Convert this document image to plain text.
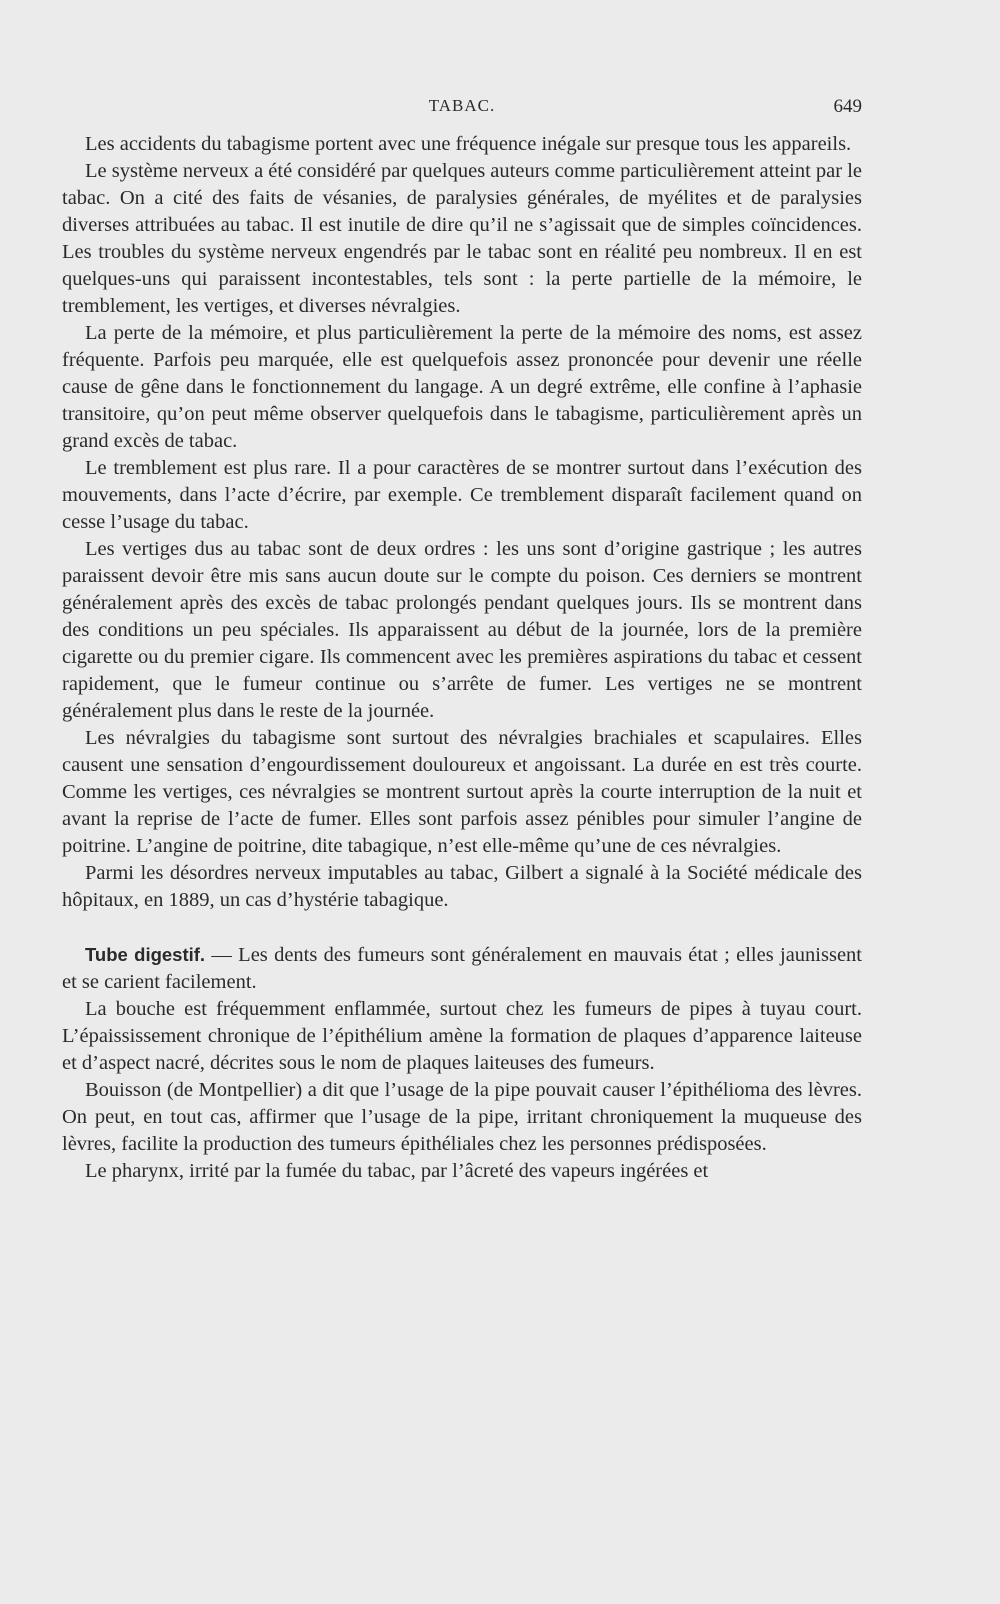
TABAC.	649

Les accidents du tabagisme portent avec une fréquence inégale sur presque tous les appareils.

Le système nerveux a été considéré par quelques auteurs comme particulièrement atteint par le tabac. On a cité des faits de vésanies, de paralysies générales, de myélites et de paralysies diverses attribuées au tabac. Il est inutile de dire qu’il ne s’agissait que de simples coïncidences. Les troubles du système nerveux engendrés par le tabac sont en réalité peu nombreux. Il en est quelques-uns qui paraissent incontestables, tels sont : la perte partielle de la mémoire, le tremblement, les vertiges, et diverses névralgies.

La perte de la mémoire, et plus particulièrement la perte de la mémoire des noms, est assez fréquente. Parfois peu marquée, elle est quelquefois assez prononcée pour devenir une réelle cause de gêne dans le fonctionnement du langage. A un degré extrême, elle confine à l’aphasie transitoire, qu’on peut même observer quelquefois dans le tabagisme, particulièrement après un grand excès de tabac.

Le tremblement est plus rare. Il a pour caractères de se montrer surtout dans l’exécution des mouvements, dans l’acte d’écrire, par exemple. Ce tremblement disparaît facilement quand on cesse l’usage du tabac.

Les vertiges dus au tabac sont de deux ordres : les uns sont d’origine gastrique ; les autres paraissent devoir être mis sans aucun doute sur le compte du poison. Ces derniers se montrent généralement après des excès de tabac prolongés pendant quelques jours. Ils se montrent dans des conditions un peu spéciales. Ils apparaissent au début de la journée, lors de la première cigarette ou du premier cigare. Ils commencent avec les premières aspirations du tabac et cessent rapidement, que le fumeur continue ou s’arrête de fumer. Les vertiges ne se montrent généralement plus dans le reste de la journée.

Les névralgies du tabagisme sont surtout des névralgies brachiales et scapulaires. Elles causent une sensation d’engourdissement douloureux et angoissant. La durée en est très courte. Comme les vertiges, ces névralgies se montrent surtout après la courte interruption de la nuit et avant la reprise de l’acte de fumer. Elles sont parfois assez pénibles pour simuler l’angine de poitrine. L’angine de poitrine, dite tabagique, n’est elle-même qu’une de ces névralgies.

Parmi les désordres nerveux imputables au tabac, Gilbert a signalé à la Société médicale des hôpitaux, en 1889, un cas d’hystérie tabagique.

Tube digestif. — Les dents des fumeurs sont généralement en mauvais état ; elles jaunissent et se carient facilement.

La bouche est fréquemment enflammée, surtout chez les fumeurs de pipes à tuyau court. L’épaississement chronique de l’épithélium amène la formation de plaques d’apparence laiteuse et d’aspect nacré, décrites sous le nom de plaques laiteuses des fumeurs.

Bouisson (de Montpellier) a dit que l’usage de la pipe pouvait causer l’épithélioma des lèvres. On peut, en tout cas, affirmer que l’usage de la pipe, irritant chroniquement la muqueuse des lèvres, facilite la production des tumeurs épithéliales chez les personnes prédisposées.

Le pharynx, irrité par la fumée du tabac, par l’âcreté des vapeurs ingérées et
